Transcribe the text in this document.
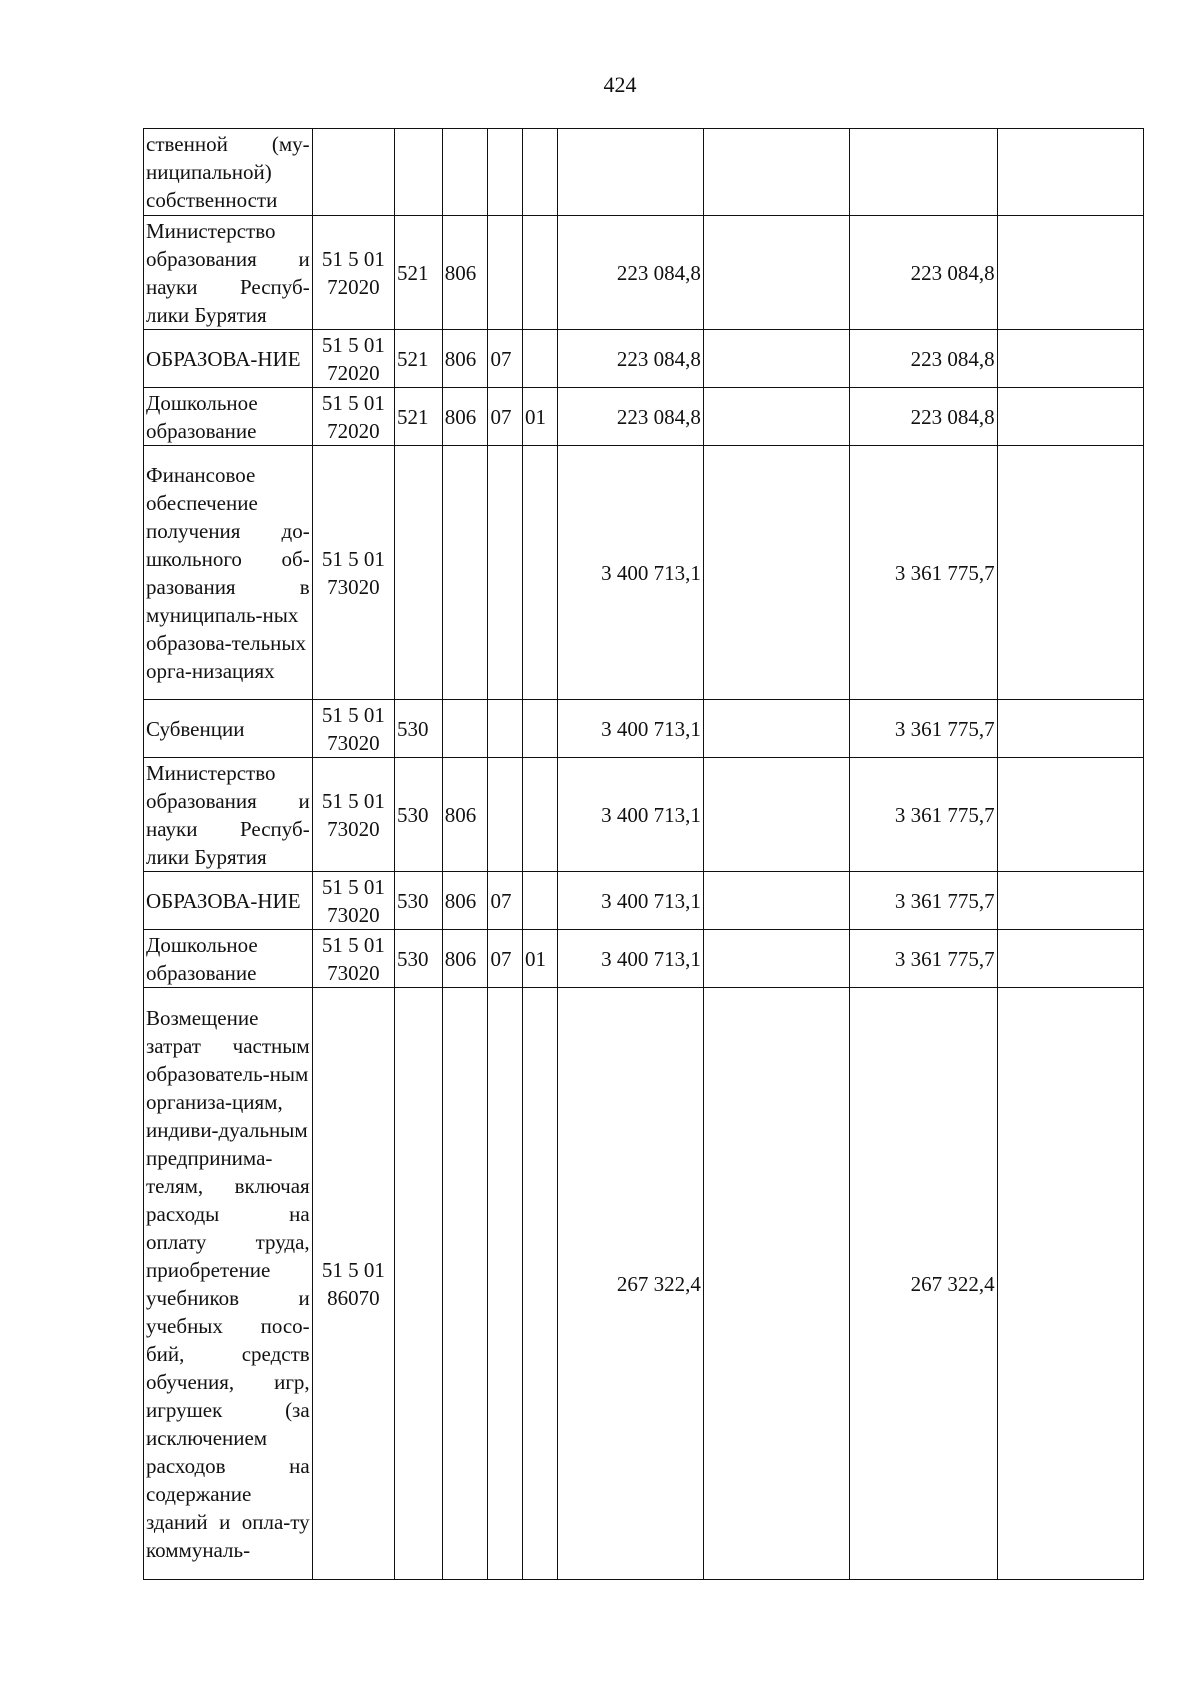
424
ственной (му-ниципальной) собственности									
Министерство образования и науки Респуб-лики Бурятия	51 5 01 72020	521	806			223 084,8		223 084,8	
ОБРАЗОВА-НИЕ	51 5 01 72020	521	806	07		223 084,8		223 084,8	
Дошкольное образование	51 5 01 72020	521	806	07	01	223 084,8		223 084,8	
Финансовое обеспечение получения до-школьного об-разования в муниципаль-ных образова-тельных орга-низациях	51 5 01 73020					3 400 713,1		3 361 775,7	
Субвенции	51 5 01 73020	530				3 400 713,1		3 361 775,7	
Министерство образования и науки Респуб-лики Бурятия	51 5 01 73020	530	806			3 400 713,1		3 361 775,7	
ОБРАЗОВА-НИЕ	51 5 01 73020	530	806	07		3 400 713,1		3 361 775,7	
Дошкольное образование	51 5 01 73020	530	806	07	01	3 400 713,1		3 361 775,7	
Возмещение затрат частным образователь-ным организа-циям, индиви-дуальным предпринима-телям, включая расходы на оплату труда, приобретение учебников и учебных посо-бий, средств обучения, игр, игрушек (за исключением расходов на содержание зданий и опла-ту коммуналь-	51 5 01 86070					267 322,4		267 322,4	
